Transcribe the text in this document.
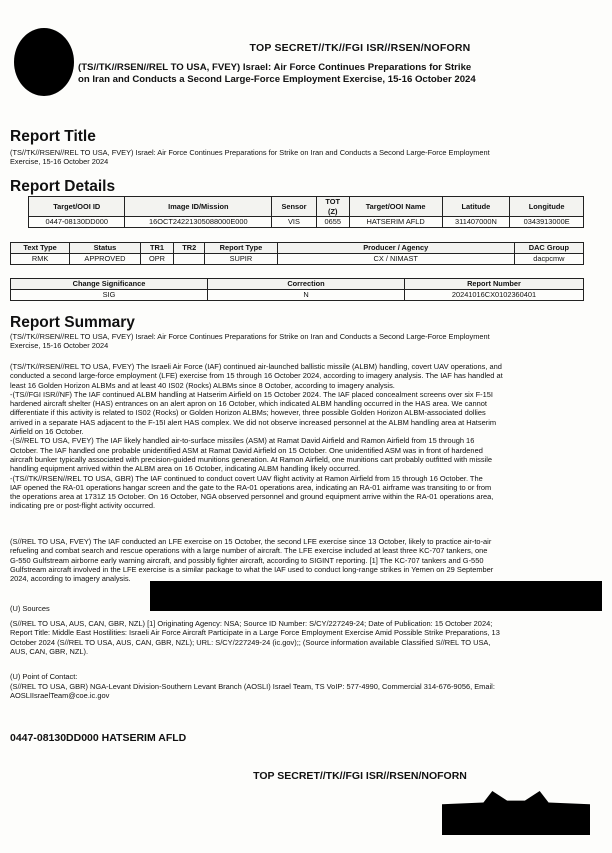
TOP SECRET//TK//FGI ISR//RSEN/NOFORN
(TS//TK//RSEN//REL TO USA, FVEY) Israel: Air Force Continues Preparations for Strike
on Iran and Conducts a Second Large-Force Employment Exercise, 15-16 October 2024
Report Title
(TS//TK//RSEN//REL TO USA, FVEY) Israel: Air Force Continues Preparations for Strike on Iran and Conducts a Second Large-Force Employment
Exercise, 15-16 October 2024
Report Details
Target/OOI ID	Image ID/Mission	Sensor	TOT (Z)	Target/OOI Name	Latitude	Longitude
0447-08130DD000	16OCT24221305088000E000	VIS	0655	HATSERIM AFLD	311407000N	0343913000E
Text Type	Status	TR1	TR2	Report Type	Producer / Agency	DAC Group
RMK	APPROVED	OPR		SUPIR	CX / NIMAST	dacpcmw
Change Significance	Correction	Report Number
SIG	N	20241016CX0102360401
Report Summary
(TS//TK//RSEN//REL TO USA, FVEY) Israel: Air Force Continues Preparations for Strike on Iran and Conducts a Second Large-Force Employment
Exercise, 15-16 October 2024

(TS//TK//RSEN//REL TO USA, FVEY) The Israeli Air Force (IAF) continued air-launched ballistic missile (ALBM) handling, covert UAV operations, and

conducted a second large-force employment (LFE) exercise from 15 through 16 October 2024, according to imagery analysis. The IAF has handled at

least 16 Golden Horizon ALBMs and at least 40 IS02 (Rocks) ALBMs since 8 October, according to imagery analysis.

-(TS//FGI ISR//NF) The IAF continued ALBM handling at Hatserim Airfield on 15 October 2024. The IAF placed concealment screens over six F-15I

hardened aircraft shelter (HAS) entrances on an alert apron on 16 October, which indicated ALBM handling occurred in the HAS area. We cannot

differentiate if this activity is related to IS02 (Rocks) or Golden Horizon ALBMs; however, three possible Golden Horizon ALBM-associated dollies

arrived in a separate HAS adjacent to the F-15I alert HAS complex. We did not observe increased personnel at the ALBM handling area at Hatserim

Airfield on 16 October.

-(S//REL TO USA, FVEY) The IAF likely handled air-to-surface missiles (ASM) at Ramat David Airfield and Ramon Airfield from 15 through 16

October. The IAF handled one probable unidentified ASM at Ramat David Airfield on 15 October. One unidentified ASM was in front of hardened

aircraft bunker typically associated with precision-guided munitions generation. At Ramon Airfield, one munitions cart probably outfitted with missile

handling equipment arrived within the ALBM area on 16 October, indicating ALBM handling likely occurred.

-(TS//TK//RSEN//REL TO USA, GBR) The IAF continued to conduct covert UAV flight activity at Ramon Airfield from 15 through 16 October. The

IAF opened the RA-01 operations hangar screen and the gate to the RA-01 operations area, indicating an RA-01 airframe was transiting to or from

the operations area at 1731Z 15 October. On 16 October, NGA observed personnel and ground equipment arrive within the RA-01 operations area,

indicating pre or post-flight activity occurred.

(S//REL TO USA, FVEY) The IAF conducted an LFE exercise on 15 October, the second LFE exercise since 13 October, likely to practice air-to-air

refueling and combat search and rescue operations with a large number of aircraft. The LFE exercise included at least three KC-707 tankers, one

G-550 Gulfstream airborne early warning aircraft, and possibly fighter aircraft, according to SIGINT reporting. [1] The KC-707 tankers and G-550

Gulfstream aircraft involved in the LFE exercise is a similar package to what the IAF used to conduct long-range strikes in Yemen on 29 September

2024, according to imagery analysis.

(U) Sources

(S//REL TO USA, AUS, CAN, GBR, NZL) [1] Originating Agency: NSA; Source ID Number: S/CY/227249-24; Date of Publication: 15 October 2024;

Report Title: Middle East Hostilities: Israeli Air Force Aircraft Participate in a Large Force Employment Exercise Amid Possible Strike Preparations, 13

October 2024 (S//REL TO USA, AUS, CAN, GBR, NZL); URL: S/CY/227249-24 (ic.gov);; (Source information available Classified S//REL TO USA,

AUS, CAN, GBR, NZL).

(U) Point of Contact:

(S//REL TO USA, GBR) NGA-Levant Division-Southern Levant Branch (AOSLI) Israel Team, TS VoIP: 577-4990, Commercial 314-676-9056, Email:

AOSLIIsraelTeam@coe.ic.gov

0447-08130DD000 HATSERIM AFLD
TOP SECRET//TK//FGI ISR//RSEN/NOFORN
